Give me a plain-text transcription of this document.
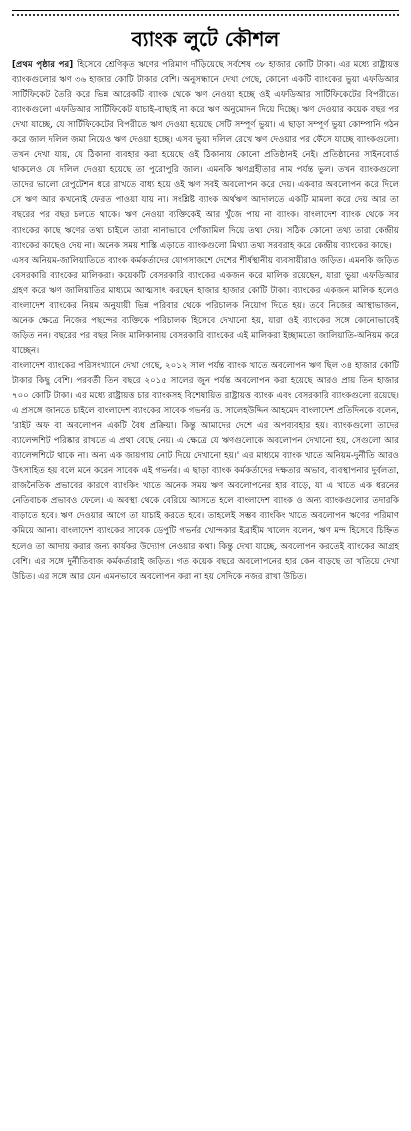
ব্যাংক লুটে কৌশল

[প্রথম পৃষ্ঠার পর] হিসেবে শ্রেণিকৃত ঋণের পরিমাণ দাঁড়িয়েছে সর্বশেষ ৩৮ হাজার কোটি টাকা। এর মধ্যে রাষ্ট্রায়ত্ত ব্যাংকগুলোর ঋণ ৩৬ হাজার কোটি টাকার বেশি। অনুসন্ধানে দেখা গেছে, কোনো একটি ব্যাংকের ভুয়া এফডিআর সার্টিফিকেট তৈরি করে ভিন্ন আরেকটি ব্যাংক থেকে ঋণ নেওয়া হচ্ছে ওই এফডিআর সার্টিফিকেটের বিপরীতে। ব্যাংকগুলো এফডিআর সার্টিফিকেট যাচাই-বাছাই না করে ঋণ অনুমোদন দিয়ে দিচ্ছে। ঋণ দেওয়ার কয়েক বছর পর দেখা যাচ্ছে, যে সার্টিফিকেটের বিপরীতে ঋণ দেওয়া হয়েছে সেটি সম্পূর্ণ ভুয়া। এ ছাড়া সম্পূর্ণ ভুয়া কোম্পানি গঠন করে জাল দলিল জমা নিয়েও ঋণ দেওয়া হচ্ছে। এসব ভুয়া দলিল রেখে ঋণ দেওয়ার পর ফেঁসে যাচ্ছে ব্যাংকগুলো। তখন দেখা যায়, যে ঠিকানা ব্যবহার করা হয়েছে ওই ঠিকানায় কোনো প্রতিষ্ঠানই নেই। প্রতিষ্ঠানের সাইনবোর্ড থাকলেও যে দলিল দেওয়া হয়েছে তা পুরোপুরি জাল। এমনকি ঋণগ্রহীতার নাম পর্যন্ত ভুল। তখন ব্যাংকগুলো তাদের ভালো রেপুটেশন ধরে রাখতে বাধ্য হয়ে ওই ঋণ সবই অবলোপন করে দেয়। একবার অবলোপন করে দিলে সে ঋণ আর কখনোই ফেরত পাওয়া যায় না। সংশ্লিষ্ট ব্যাংক অর্থঋণ আদালতে একটি মামলা করে দেয় আর তা বছরের পর বছর চলতে থাকে। ঋণ নেওয়া ব্যক্তিকেই আর খুঁজে পায় না ব্যাংক। বাংলাদেশ ব্যাংক থেকে সব ব্যাংকের কাছে ঋণের তথ্য চাইলে তারা নানাভাবে গোঁজামিল দিয়ে তথ্য দেয়। সঠিক কোনো তথ্য তারা কেন্দ্রীয় ব্যাংকের কাছেও দেয় না। অনেক সময় শাস্তি এড়াতে ব্যাংকগুলো মিথ্যা তথ্য সরবরাহ করে কেন্দ্রীয় ব্যাংকের কাছে।

এসব অনিয়ম-জালিয়াতিতে ব্যাংক কর্মকর্তাদের যোগসাজশে দেশের শীর্ষস্থানীয় ব্যবসায়ীরাও জড়িত। এমনকি জড়িত বেসরকারি ব্যাংকের মালিকরা। কয়েকটি বেসরকারি ব্যাংকের একজন করে মালিক রয়েছেন, যারা ভুয়া এফডিআর গ্রহণ করে ঋণ জালিয়াতির মাধ্যমে আত্মসাৎ করছেন হাজার হাজার কোটি টাকা। ব্যাংকের একজন মালিক হলেও বাংলাদেশ ব্যাংকের নিয়ম অনুযায়ী ভিন্ন পরিবার থেকে পরিচালক নিয়োগ দিতে হয়। তবে নিজের আস্থাভাজন, অনেক ক্ষেত্রে নিজের পছন্দের ব্যক্তিকে পরিচালক হিসেবে দেখানো হয়, যারা ওই ব্যাংকের সঙ্গে কোনোভাবেই জড়িত নন। বছরের পর বছর নিজ মালিকানায় বেসরকারি ব্যাংকের এই মালিকরা ইচ্ছামতো জালিয়াতি-অনিয়ম করে যাচ্ছেন।

বাংলাদেশ ব্যাংকের পরিসংখ্যানে দেখা গেছে, ২০১২ সাল পর্যন্ত ব্যাংক খাতে অবলোপন ঋণ ছিল ৩৪ হাজার কোটি টাকার কিছু বেশি। পরবর্তী তিন বছরে ২০১৫ সালের জুন পর্যন্ত অবলোপন করা হয়েছে আরও প্রায় তিন হাজার ৭০০ কোটি টাকা। এর মধ্যে রাষ্ট্রায়ত্ত চার ব্যাংকসহ বিশেষায়িত রাষ্ট্রায়ত্ত ব্যাংক এবং বেসরকারি ব্যাংকগুলো রয়েছে। এ প্রসঙ্গে জানতে চাইলে বাংলাদেশ ব্যাংকের সাবেক গভর্নর ড. সালেহউদ্দিন আহমেদ বাংলাদেশ প্রতিদিনকে বলেন, 'রাইট অফ বা অবলোপন একটি বৈধ প্রক্রিয়া। কিন্তু আমাদের দেশে এর অপব্যবহার হয়। ব্যাংকগুলো তাদের ব্যালেন্সশিট পরিষ্কার রাখতে এ প্রথা বেছে নেয়। এ ক্ষেত্রে যে ঋণগুলোকে অবলোপন দেখানো হয়, সেগুলো আর ব্যালেন্সশিটে থাকে না। অন্য এক জায়গায় নোট দিয়ে দেখানো হয়।' এর মাধ্যমে ব্যাংক খাতে অনিয়ম-দুর্নীতি আরও উৎসাহিত হয় বলে মনে করেন সাবেক এই গভর্নর। এ ছাড়া ব্যাংক কর্মকর্তাদের দক্ষতার অভাব, ব্যবস্থাপনার দুর্বলতা, রাজনৈতিক প্রভাবের কারণে ব্যাংকিং খাতে অনেক সময় ঋণ অবলোপনের হার বাড়ে, যা এ খাতে এক ধরনের নেতিবাচক প্রভাবও ফেলে। এ অবস্থা থেকে বেরিয়ে আসতে হলে বাংলাদেশ ব্যাংক ও অন্য ব্যাংকগুলোর তদারকি বাড়াতে হবে। ঋণ দেওয়ার আগে তা যাচাই করতে হবে। তাহলেই সম্ভব ব্যাংকিং খাতে অবলোপন ঋণের পরিমাণ কমিয়ে আনা। বাংলাদেশ ব্যাংকের সাবেক ডেপুটি গভর্নর খোন্দকার ইব্রাহীম খালেদ বলেন, ঋণ মন্দ হিসেবে চিহ্নিত হলেও তা আদায় করার জন্য কার্যকর উদ্যোগ নেওয়ার কথা। কিন্তু দেখা যাচ্ছে, অবলোপন করতেই ব্যাংকের আগ্রহ বেশি। এর সঙ্গে দুর্নীতিবাজ কর্মকর্তারাই জড়িত। গত কয়েক বছরে অবলোপনের হার কেন বাড়ছে তা খতিয়ে দেখা উচিত। এর সঙ্গে আর যেন এমনভাবে অবলোপন করা না হয় সেদিকে নজর রাখা উচিত।
